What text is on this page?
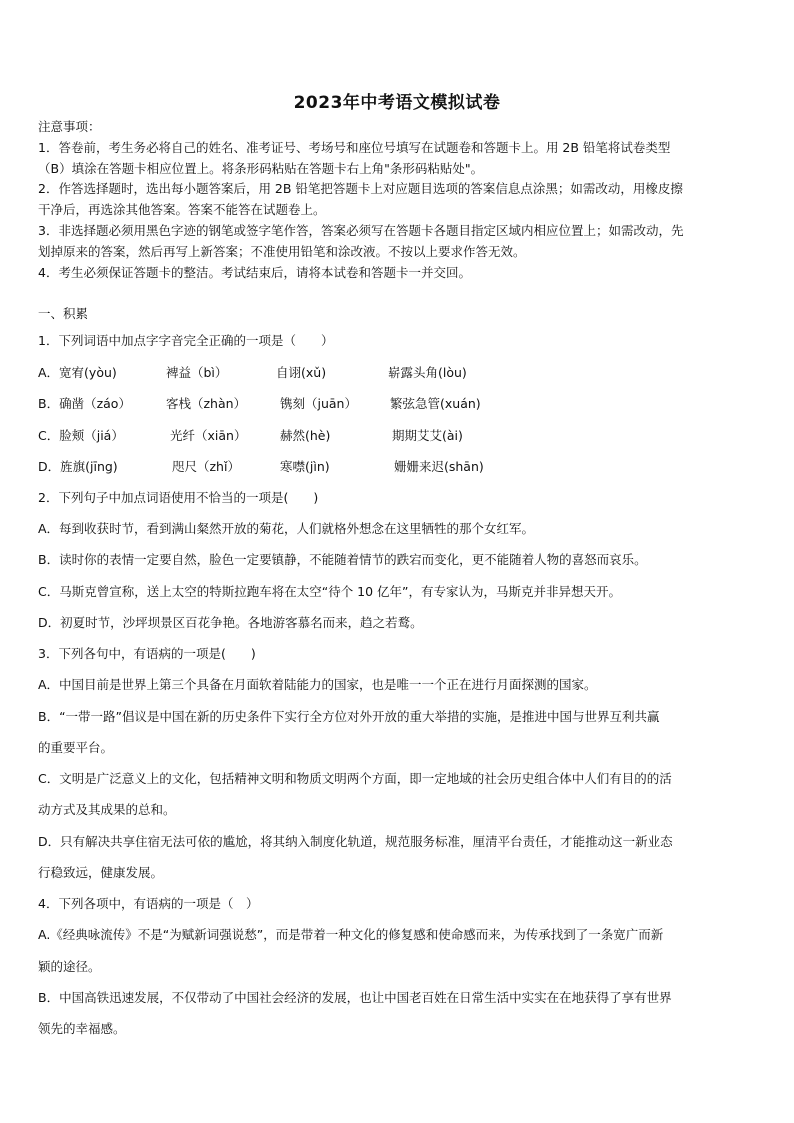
2023年中考语文模拟试卷
注意事项：
1．答卷前，考生务必将自己的姓名、准考证号、考场号和座位号填写在试题卷和答题卡上。用 2B 铅笔将试卷类型
（B）填涂在答题卡相应位置上。将条形码粘贴在答题卡右上角"条形码粘贴处"。
2．作答选择题时，选出每小题答案后，用 2B 铅笔把答题卡上对应题目选项的答案信息点涂黑；如需改动，用橡皮擦
干净后，再选涂其他答案。答案不能答在试题卷上。
3．非选择题必须用黑色字迹的钢笔或签字笔作答，答案必须写在答题卡各题目指定区域内相应位置上；如需改动，先
划掉原来的答案，然后再写上新答案；不准使用铅笔和涂改液。不按以上要求作答无效。
4．考生必须保证答题卡的整洁。考试结束后，请将本试卷和答题卡一并交回。
一、积累
1．下列词语中加点字字音完全正确的一项是（　　）
A．宽宥(yòu)	裨益（bì）	自诩(xǔ)	崭露头角(lòu)
B．确凿（záo）	客栈（zhàn）	镌刻（juān）	繁弦急管(xuán)
C．脸颊（jiá）	光纤（xiān）	赫然(hè)	期期艾艾(ài)
D．旌旗(jīng)	咫尺（zhǐ）	寒噤(jìn)	姗姗来迟(shān)
2．下列句子中加点词语使用不恰当的一项是(　　)
A．每到收获时节，看到满山粲然开放的菊花，人们就格外想念在这里牺牲的那个女红军。
B．读时你的表情一定要自然，脸色一定要镇静，不能随着情节的跌宕而变化，更不能随着人物的喜怒而哀乐。
C．马斯克曾宣称，送上太空的特斯拉跑车将在太空“待个 10 亿年”，有专家认为，马斯克并非异想天开。
D．初夏时节，沙坪坝景区百花争艳。各地游客慕名而来，趋之若鹜。
3．下列各句中，有语病的一项是(　　)
A．中国目前是世界上第三个具备在月面软着陆能力的国家，也是唯一一个正在进行月面探测的国家。
B．“一带一路”倡议是中国在新的历史条件下实行全方位对外开放的重大举措的实施，是推进中国与世界互利共赢
的重要平台。
C．文明是广泛意义上的文化，包括精神文明和物质文明两个方面，即一定地域的社会历史组合体中人们有目的的活
动方式及其成果的总和。
D．只有解决共享住宿无法可依的尴尬，将其纳入制度化轨道，规范服务标准，厘清平台责任，才能推动这一新业态
行稳致远，健康发展。
4．下列各项中，有语病的一项是（　）
A.《经典咏流传》不是“为赋新词强说愁”，而是带着一种文化的修复感和使命感而来，为传承找到了一条宽广而新
颖的途径。
B．中国高铁迅速发展，不仅带动了中国社会经济的发展，也让中国老百姓在日常生活中实实在在地获得了享有世界
领先的幸福感。
